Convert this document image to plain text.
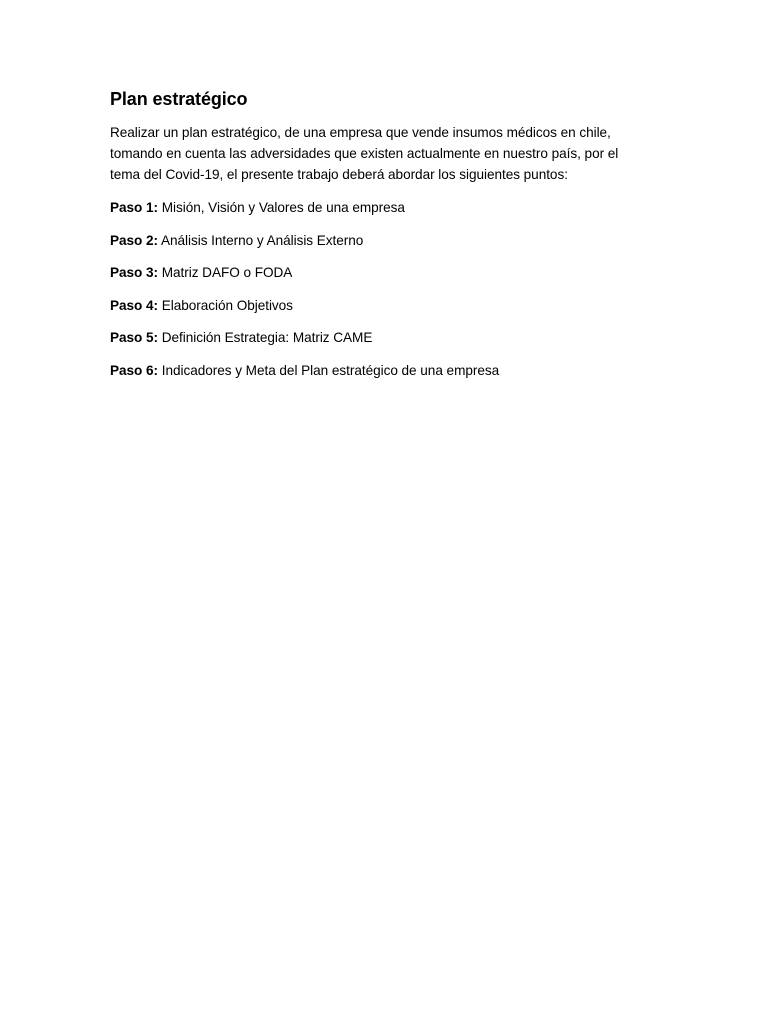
Plan estratégico

Realizar un plan estratégico, de una empresa que vende insumos médicos en chile,
tomando en cuenta las adversidades que existen actualmente en nuestro país, por el
tema del Covid-19, el presente trabajo deberá abordar los siguientes puntos:

Paso 1: Misión, Visión y Valores de una empresa
Paso 2: Análisis Interno y Análisis Externo
Paso 3: Matriz DAFO o FODA
Paso 4: Elaboración Objetivos
Paso 5: Definición Estrategia: Matriz CAME
Paso 6: Indicadores y Meta del Plan estratégico de una empresa
